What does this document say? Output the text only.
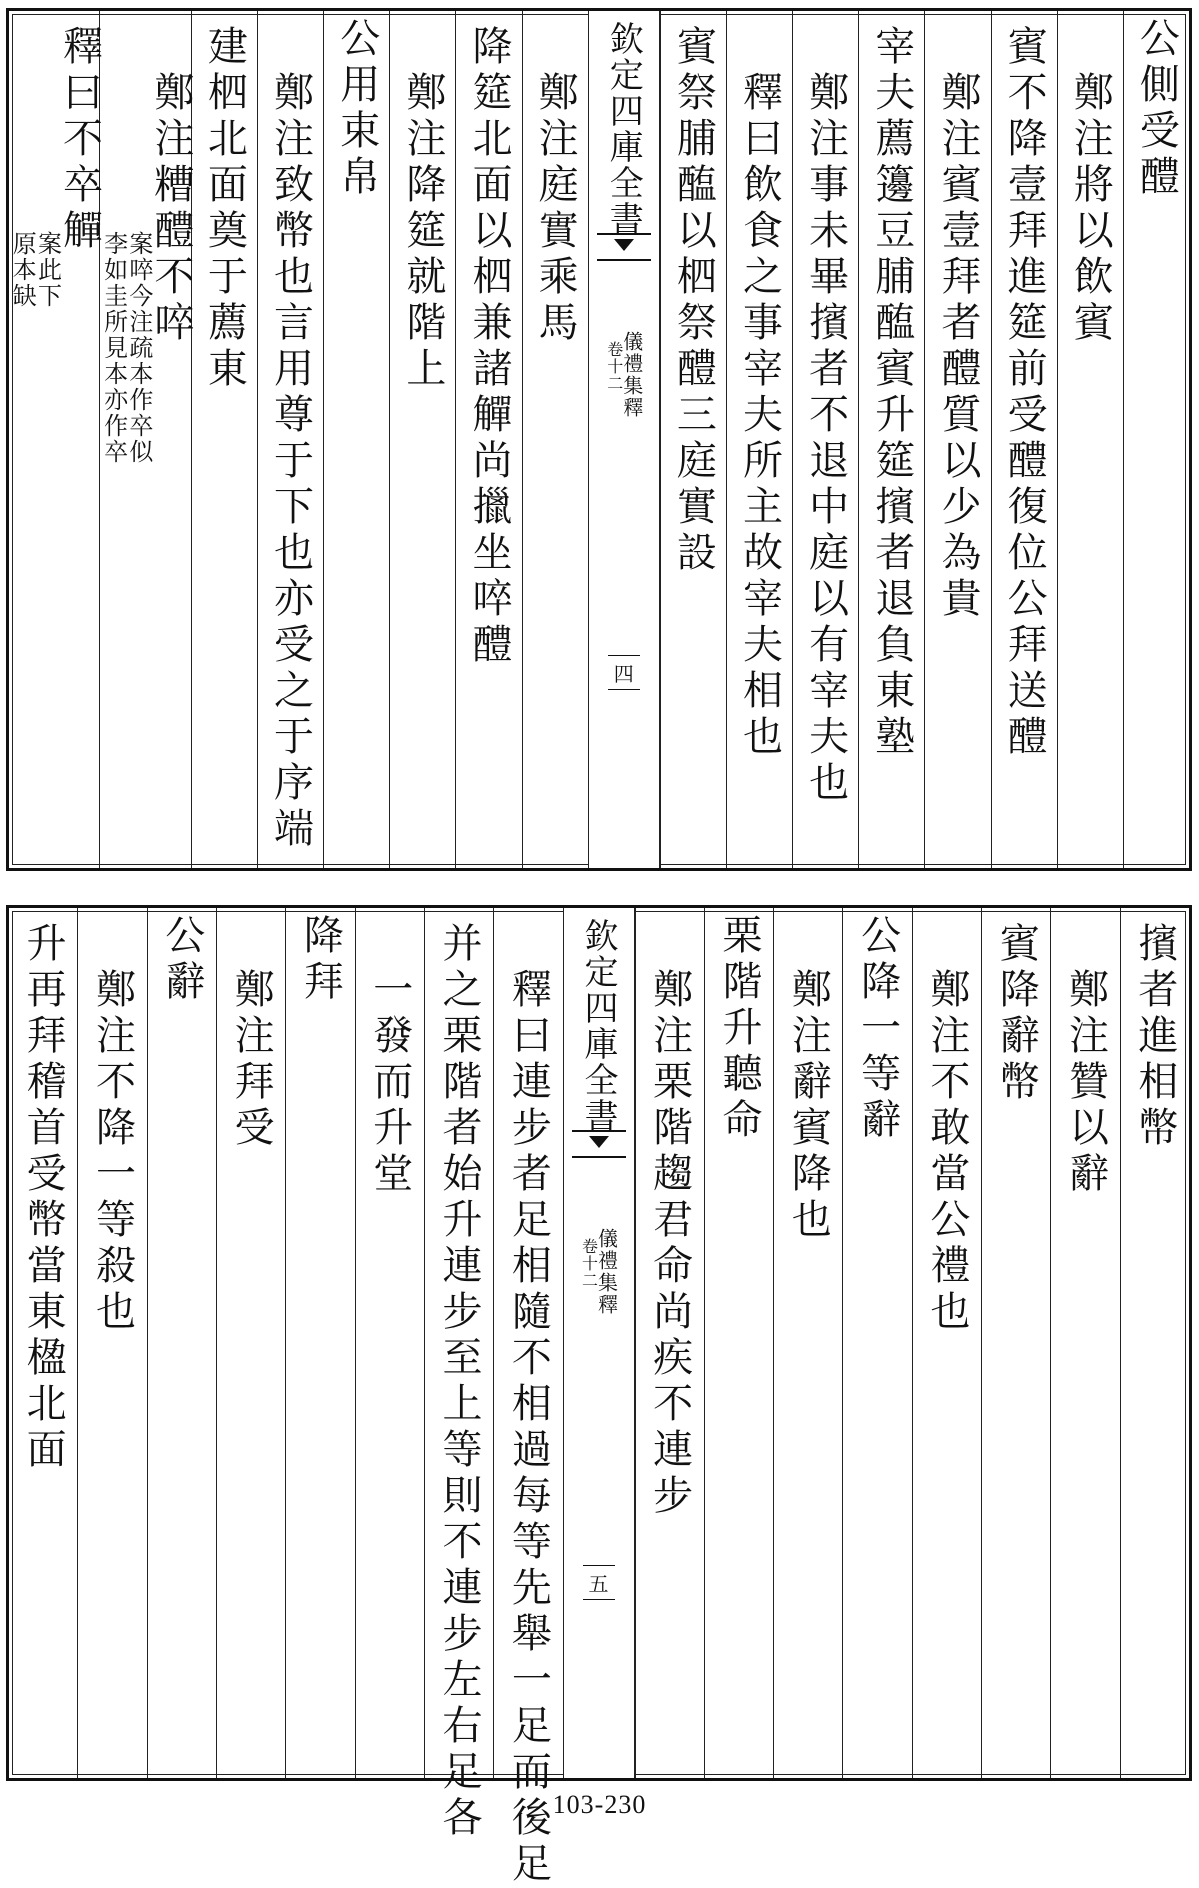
公側受醴
鄭注將以飲賓
賓不降壹拜進筵前受醴復位公拜送醴
鄭注賓壹拜者醴質以少為貴
宰夫薦籩豆脯醢賓升筵擯者退負東塾
鄭注事未畢擯者不退中庭以有宰夫也
釋曰飲食之事宰夫所主故宰夫相也
賓祭脯醢以柶祭醴三庭實設
欽定四庫全書
儀禮集釋
卷十二
四
鄭注庭實乘馬
降筵北面以柶兼諸觶尚擸坐啐醴
鄭注降筵就階上
公用束帛
鄭注致幣也言用尊于下也亦受之于序端
建柶北面奠于薦東
鄭注糟醴不啐
案啐今注疏本作卒似
李如圭所見本亦作卒
釋曰不卒觶
案此下
原本缺
擯者進相幣
鄭注贊以辭
賓降辭幣
鄭注不敢當公禮也
公降一等辭
鄭注辭賓降也
栗階升聽命
鄭注栗階趨君命尚疾不連步
欽定四庫全書
儀禮集釋
卷十二
五
釋曰連步者足相隨不相過每等先舉一足而後足
并之栗階者始升連步至上等則不連步左右足各
一發而升堂
降拜
鄭注拜受
公辭
鄭注不降一等殺也
升再拜稽首受幣當東楹北面
103-230
